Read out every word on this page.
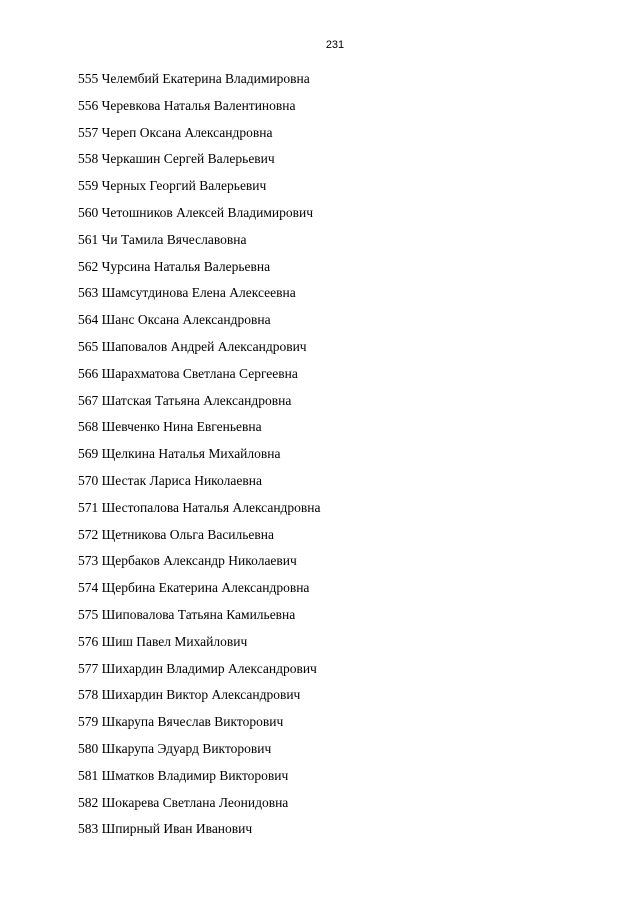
231
555 Челембий Екатерина Владимировна
556 Черевкова Наталья Валентиновна
557 Череп Оксана Александровна
558 Черкашин Сергей Валерьевич
559 Черных Георгий Валерьевич
560 Четошников Алексей Владимирович
561 Чи Тамила Вячеславовна
562 Чурсина Наталья Валерьевна
563 Шамсутдинова Елена Алексеевна
564 Шанс Оксана Александровна
565 Шаповалов Андрей Александрович
566 Шарахматова Светлана Сергеевна
567 Шатская Татьяна Александровна
568 Шевченко Нина Евгеньевна
569 Щелкина Наталья Михайловна
570 Шестак Лариса Николаевна
571 Шестопалова Наталья Александровна
572 Щетникова Ольга Васильевна
573 Щербаков Александр Николаевич
574 Щербина Екатерина Александровна
575 Шиповалова Татьяна Камильевна
576 Шиш Павел Михайлович
577 Шихардин Владимир Александрович
578 Шихардин Виктор Александрович
579 Шкарупа Вячеслав Викторович
580 Шкарупа Эдуард Викторович
581 Шматков Владимир Викторович
582 Шокарева Светлана Леонидовна
583 Шпирный Иван Иванович
